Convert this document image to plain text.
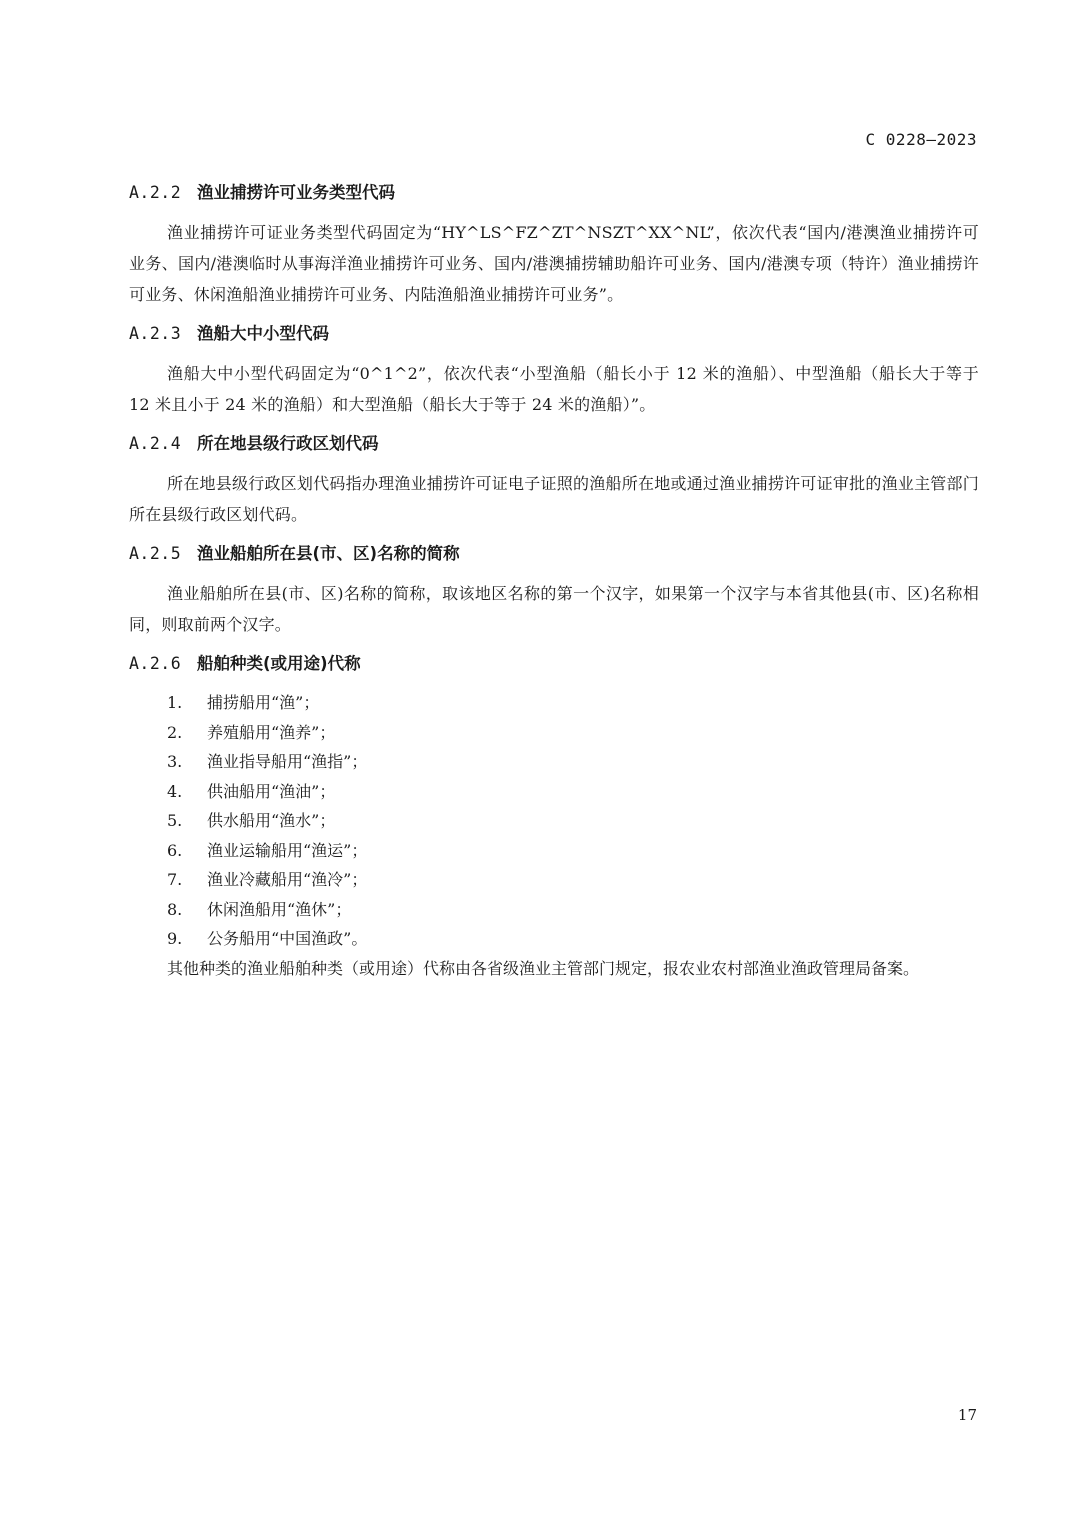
C 0228—2023
A.2.2 渔业捕捞许可业务类型代码

渔业捕捞许可证业务类型代码固定为“HY^LS^FZ^ZT^NSZT^XX^NL”，依次代表“国内/港澳渔业捕捞许可业务、国内/港澳临时从事海洋渔业捕捞许可业务、国内/港澳捕捞辅助船许可业务、国内/港澳专项（特许）渔业捕捞许可业务、休闲渔船渔业捕捞许可业务、内陆渔船渔业捕捞许可业务”。

A.2.3 渔船大中小型代码

渔船大中小型代码固定为“0^1^2”，依次代表“小型渔船（船长小于 12 米的渔船）、中型渔船（船长大于等于 12 米且小于 24 米的渔船）和大型渔船（船长大于等于 24 米的渔船）”。

A.2.4 所在地县级行政区划代码

所在地县级行政区划代码指办理渔业捕捞许可证电子证照的渔船所在地或通过渔业捕捞许可证审批的渔业主管部门所在县级行政区划代码。

A.2.5 渔业船舶所在县(市、区)名称的简称

渔业船舶所在县(市、区)名称的简称，取该地区名称的第一个汉字，如果第一个汉字与本省其他县(市、区)名称相同，则取前两个汉字。

A.2.6 船舶种类(或用途)代称
1.	捕捞船用“渔”；
2.	养殖船用“渔养”；
3.	渔业指导船用“渔指”；
4.	供油船用“渔油”；
5.	供水船用“渔水”；
6.	渔业运输船用“渔运”；
7.	渔业冷藏船用“渔冷”；
8.	休闲渔船用“渔休”；
9.	公务船用“中国渔政”。

其他种类的渔业船舶种类（或用途）代称由各省级渔业主管部门规定，报农业农村部渔业渔政管理局备案。

17
